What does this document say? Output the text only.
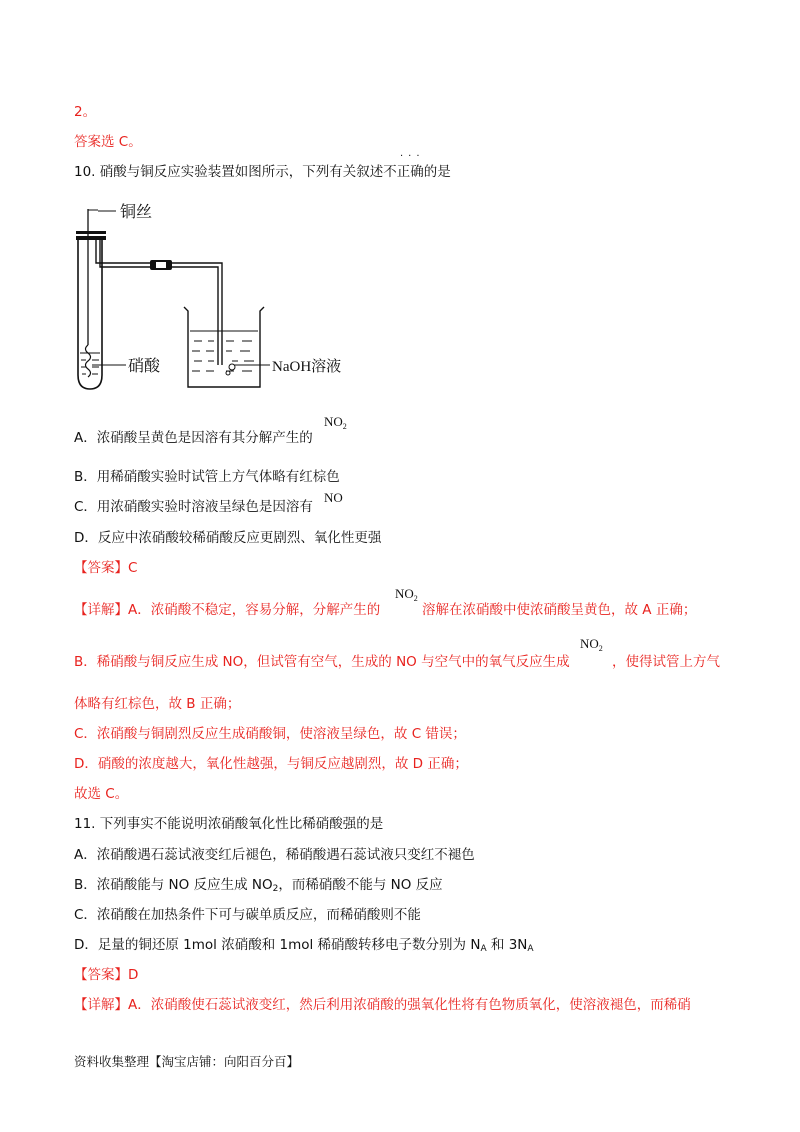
2。
答案选 C。
10. 硝酸与铜反应实验装置如图所示，下列有关叙述不正确的是
···
铜丝
硝酸	NaOH溶液
A．浓硝酸呈黄色是因溶有其分解产生的
$NO_2$
B．用稀硝酸实验时试管上方气体略有红棕色
C．用浓硝酸实验时溶液呈绿色是因溶有
NO
D．反应中浓硝酸较稀硝酸反应更剧烈、氧化性更强
【答案】C
【详解】A．浓硝酸不稳定，容易分解，分解产生的
$NO_2$
溶解在浓硝酸中使浓硝酸呈黄色，故 A 正确；
B．稀硝酸与铜反应生成 NO，但试管有空气，生成的 NO 与空气中的氧气反应生成
$NO_2$
，使得试管上方气
体略有红棕色，故 B 正确；
C．浓硝酸与铜剧烈反应生成硝酸铜，使溶液呈绿色，故 C 错误；
D．硝酸的浓度越大，氧化性越强，与铜反应越剧烈，故 D 正确；
故选 C。
11. 下列事实不能说明浓硝酸氧化性比稀硝酸强的是
A．浓硝酸遇石蕊试液变红后褪色，稀硝酸遇石蕊试液只变红不褪色
B．浓硝酸能与 NO 反应生成 $NO_2$，而稀硝酸不能与 NO 反应
C．浓硝酸在加热条件下可与碳单质反应，而稀硝酸则不能
D．足量的铜还原 1mol 浓硝酸和 1mol 稀硝酸转移电子数分别为 $N_A$ 和 $3N_A$
【答案】D
【详解】A．浓硝酸使石蕊试液变红，然后利用浓硝酸的强氧化性将有色物质氧化，使溶液褪色，而稀硝
资料收集整理【淘宝店铺：向阳百分百】
